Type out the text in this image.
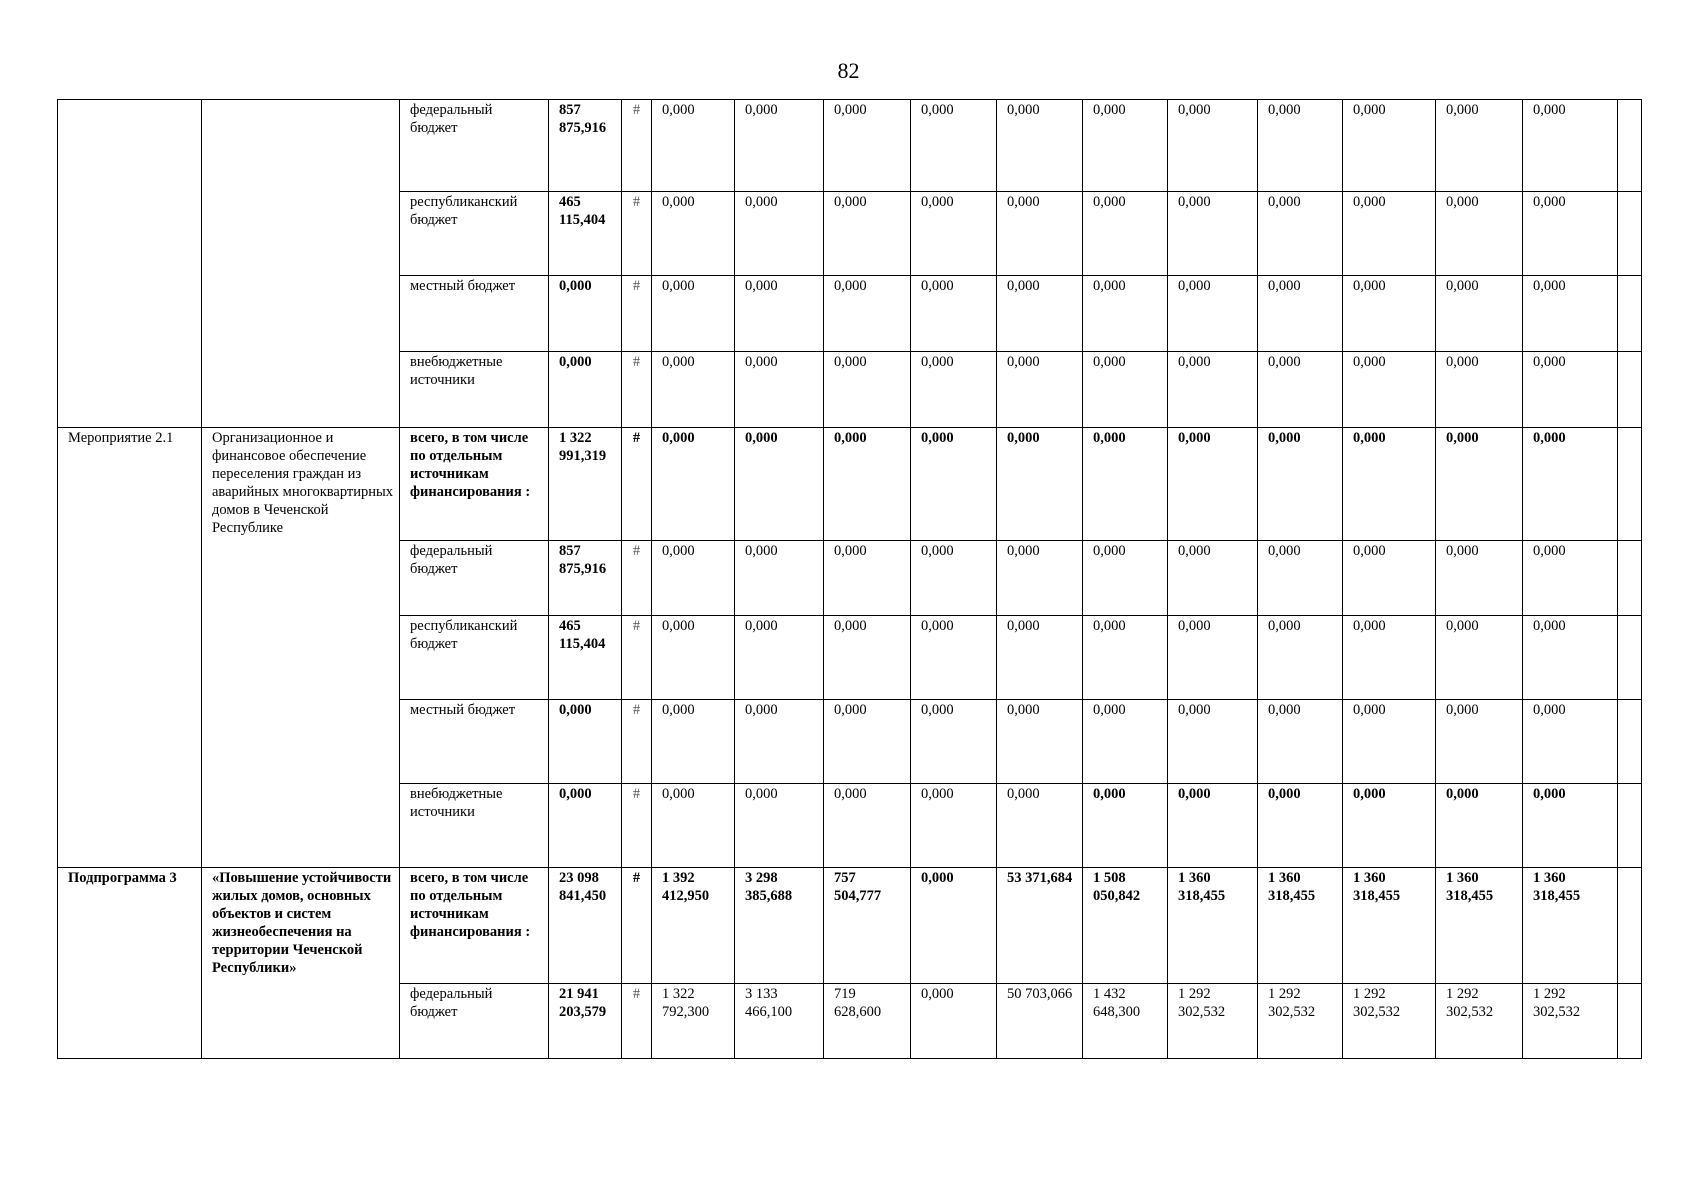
82
		федеральный бюджет	857 875,916	#	0,000	0,000	0,000	0,000	0,000	0,000	0,000	0,000	0,000	0,000	0,000	
		республиканский бюджет	465 115,404	#	0,000	0,000	0,000	0,000	0,000	0,000	0,000	0,000	0,000	0,000	0,000	
		местный бюджет	0,000	#	0,000	0,000	0,000	0,000	0,000	0,000	0,000	0,000	0,000	0,000	0,000	
		внебюджетные источники	0,000	#	0,000	0,000	0,000	0,000	0,000	0,000	0,000	0,000	0,000	0,000	0,000	
Мероприятие 2.1	Организационное и финансовое обеспечение переселения граждан из аварийных многоквартирных домов в Чеченской Республике	всего, в том числе по отдельным источникам финансирования :	1 322 991,319	#	0,000	0,000	0,000	0,000	0,000	0,000	0,000	0,000	0,000	0,000	0,000	
		федеральный бюджет	857 875,916	#	0,000	0,000	0,000	0,000	0,000	0,000	0,000	0,000	0,000	0,000	0,000	
		республиканский бюджет	465 115,404	#	0,000	0,000	0,000	0,000	0,000	0,000	0,000	0,000	0,000	0,000	0,000	
		местный бюджет	0,000	#	0,000	0,000	0,000	0,000	0,000	0,000	0,000	0,000	0,000	0,000	0,000	
		внебюджетные источники	0,000	#	0,000	0,000	0,000	0,000	0,000	0,000	0,000	0,000	0,000	0,000	0,000	
Подпрограмма 3	«Повышение устойчивости жилых домов, основных объектов и систем жизнеобеспечения на территории Чеченской Республики»	всего, в том числе по отдельным источникам финансирования :	23 098 841,450	#	1 392 412,950	3 298 385,688	757 504,777	0,000	53 371,684	1 508 050,842	1 360 318,455	1 360 318,455	1 360 318,455	1 360 318,455	1 360 318,455	
		федеральный бюджет	21 941 203,579	#	1 322 792,300	3 133 466,100	719 628,600	0,000	50 703,066	1 432 648,300	1 292 302,532	1 292 302,532	1 292 302,532	1 292 302,532	1 292 302,532	
